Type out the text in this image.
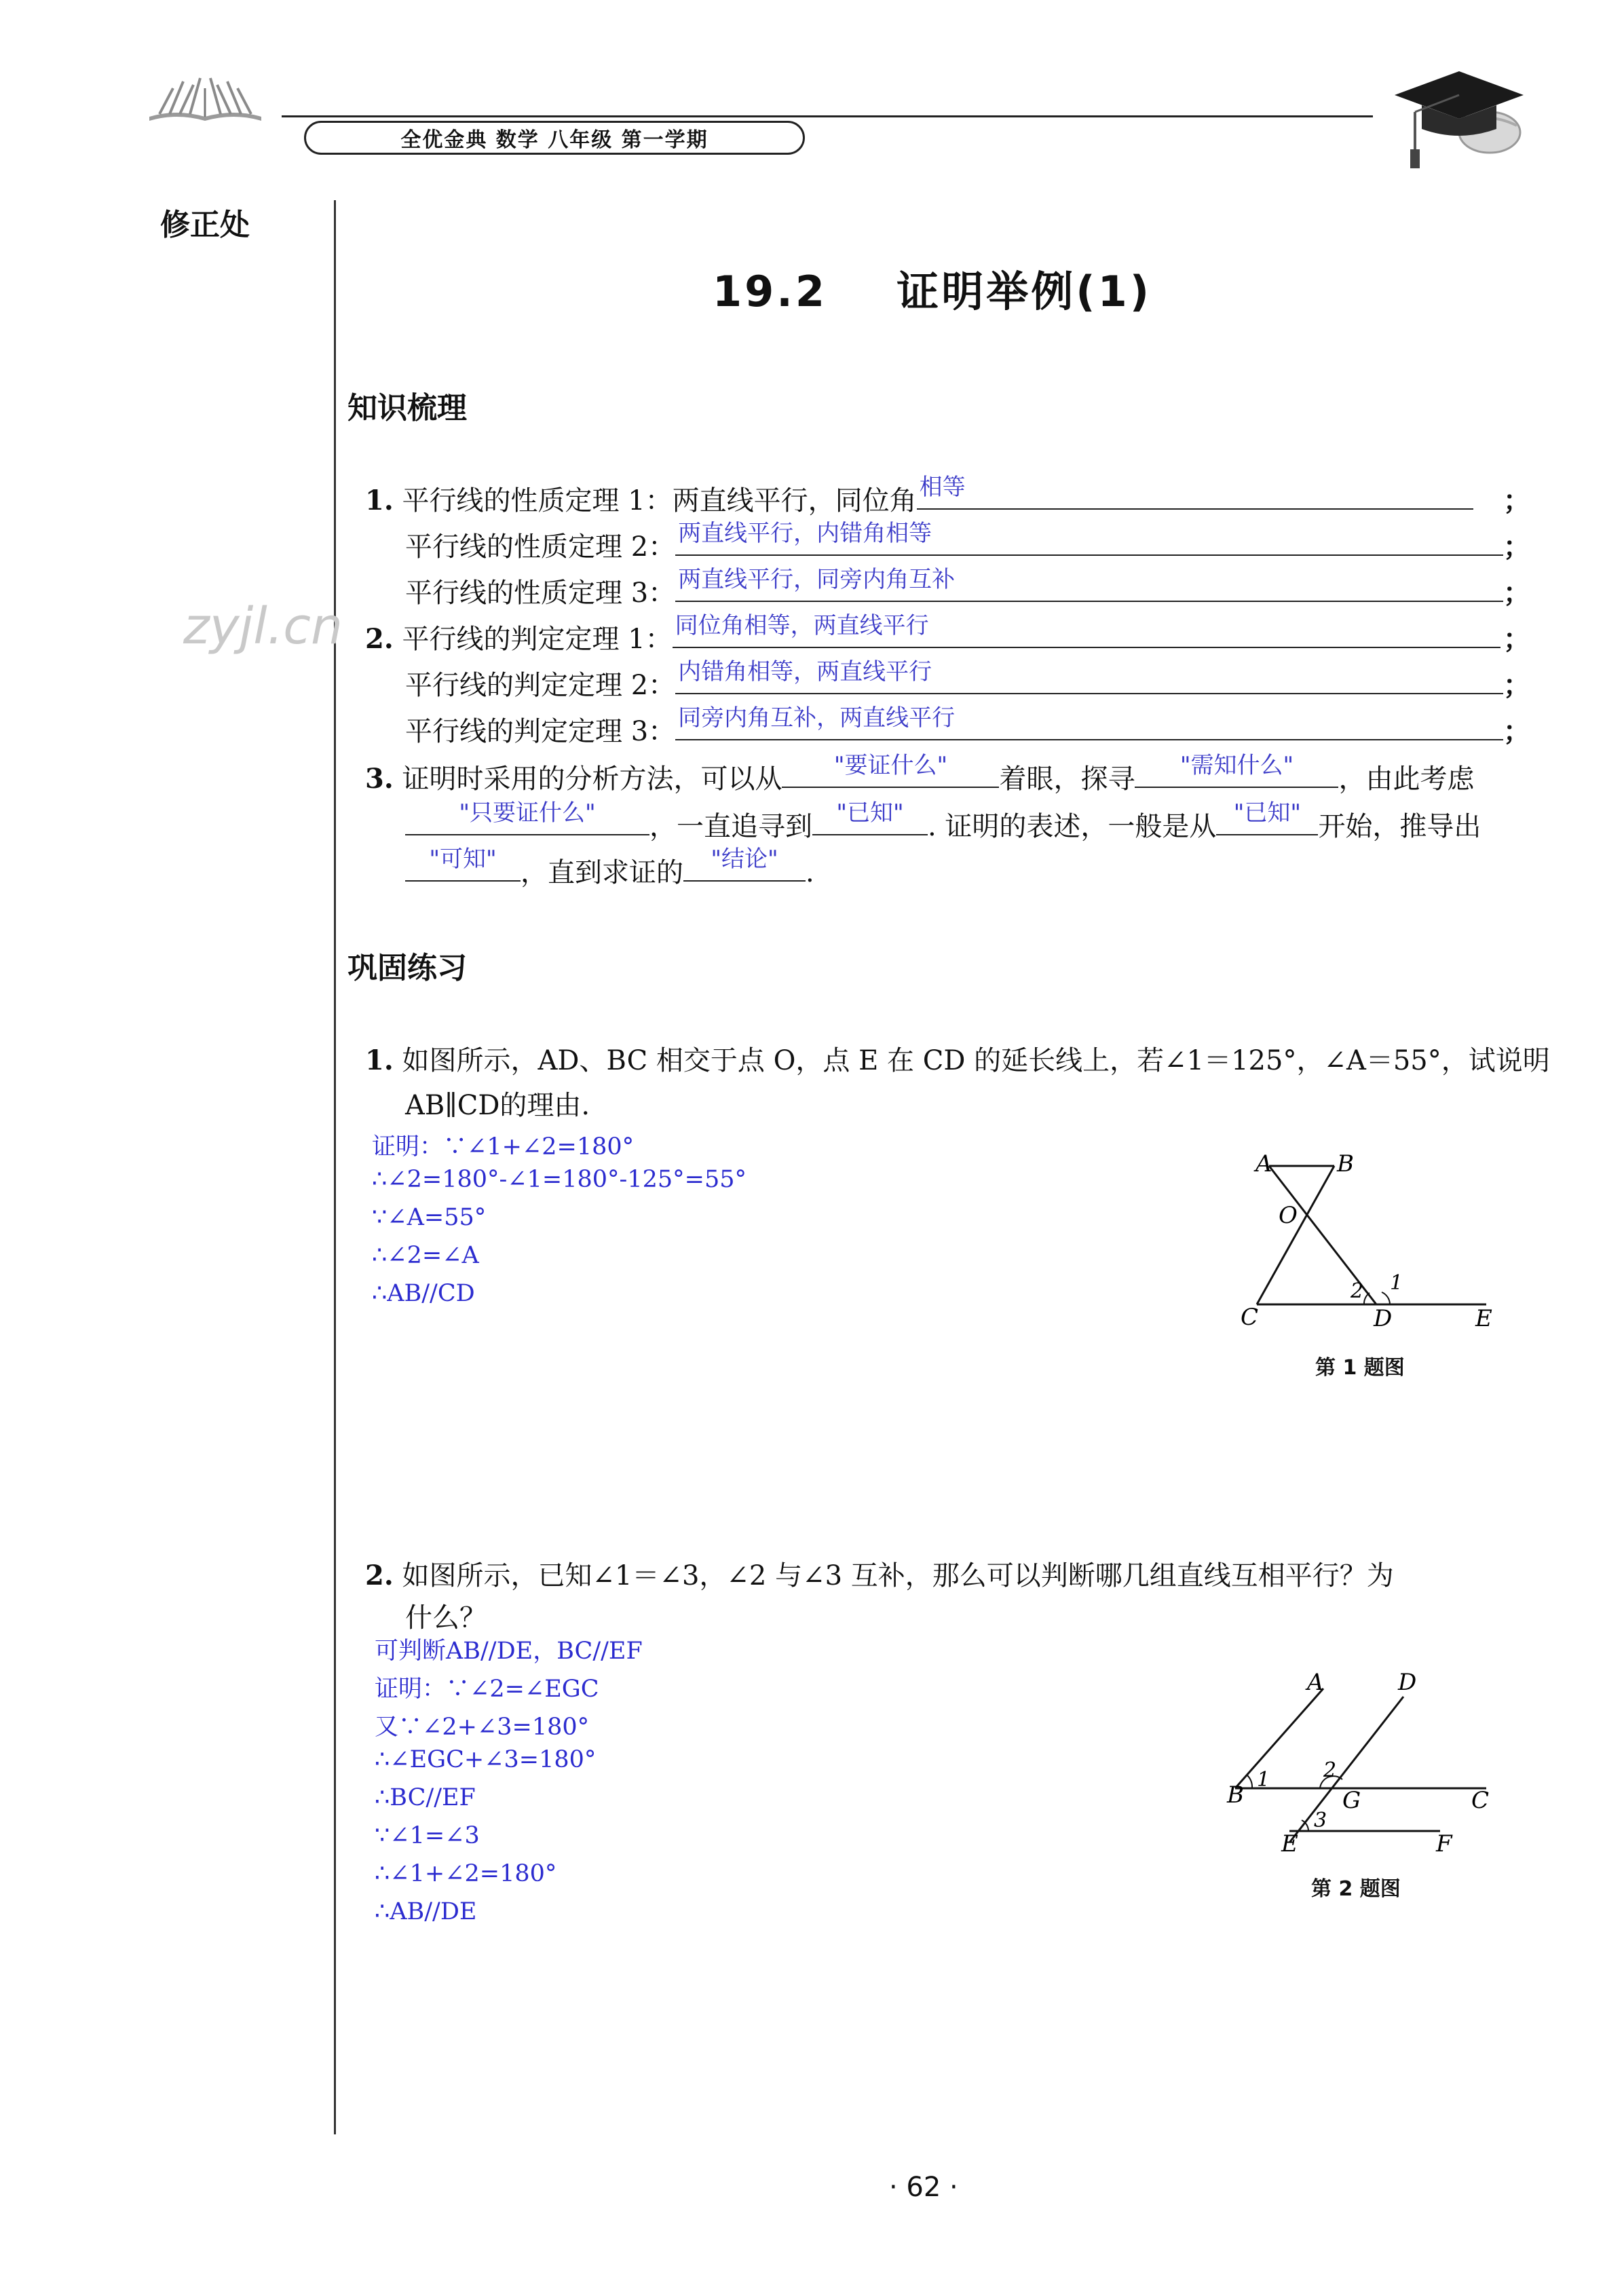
全优金典 数学 八年级 第一学期
修正处
zyjl.cn
19.2    证明举例(1)
知识梳理
1. 平行线的性质定理 1：两直线平行，同位角 相等	；
平行线的性质定理 2： 两直线平行，内错角相等	；
平行线的性质定理 3： 两直线平行，同旁内角互补	；
2. 平行线的判定定理 1： 同位角相等，两直线平行	；
平行线的判定定理 2： 内错角相等，两直线平行	；
平行线的判定定理 3： 同旁内角互补，两直线平行	；
3. 证明时采用的分析方法，可以从	"要证什么"	着眼，探寻	"需知什么"	，由此考虑
"只要证什么"	，一直追寻到	"已知" . 证明的表述，一般是从 "已知" 开始，推导出
"可知" ，直到求证的	"结论"	.
巩固练习
1. 如图所示，AD、BC 相交于点 O，点 E 在 CD 的延长线上，若∠1＝125°，∠A＝55°，试说明
AB∥CD的理由.
证明：∵∠1+∠2=180°
∴∠2=180°-∠1=180°-125°=55°
∵∠A=55°
∴∠2=∠A
∴AB//CD
A	B
O
C	D	E
1
2
第 1 题图
2. 如图所示，已知∠1＝∠3，∠2 与∠3 互补，那么可以判断哪几组直线互相平行？为
什么？
可判断AB//DE，BC//EF
证明：∵∠2=∠EGC
又∵∠2+∠3=180°
∴∠EGC+∠3=180°
∴BC//EF
∵∠1=∠3
∴∠1+∠2=180°
∴AB//DE
A	D
B
1	2
G	C
3
E	F
第 2 题图
· 62 ·
